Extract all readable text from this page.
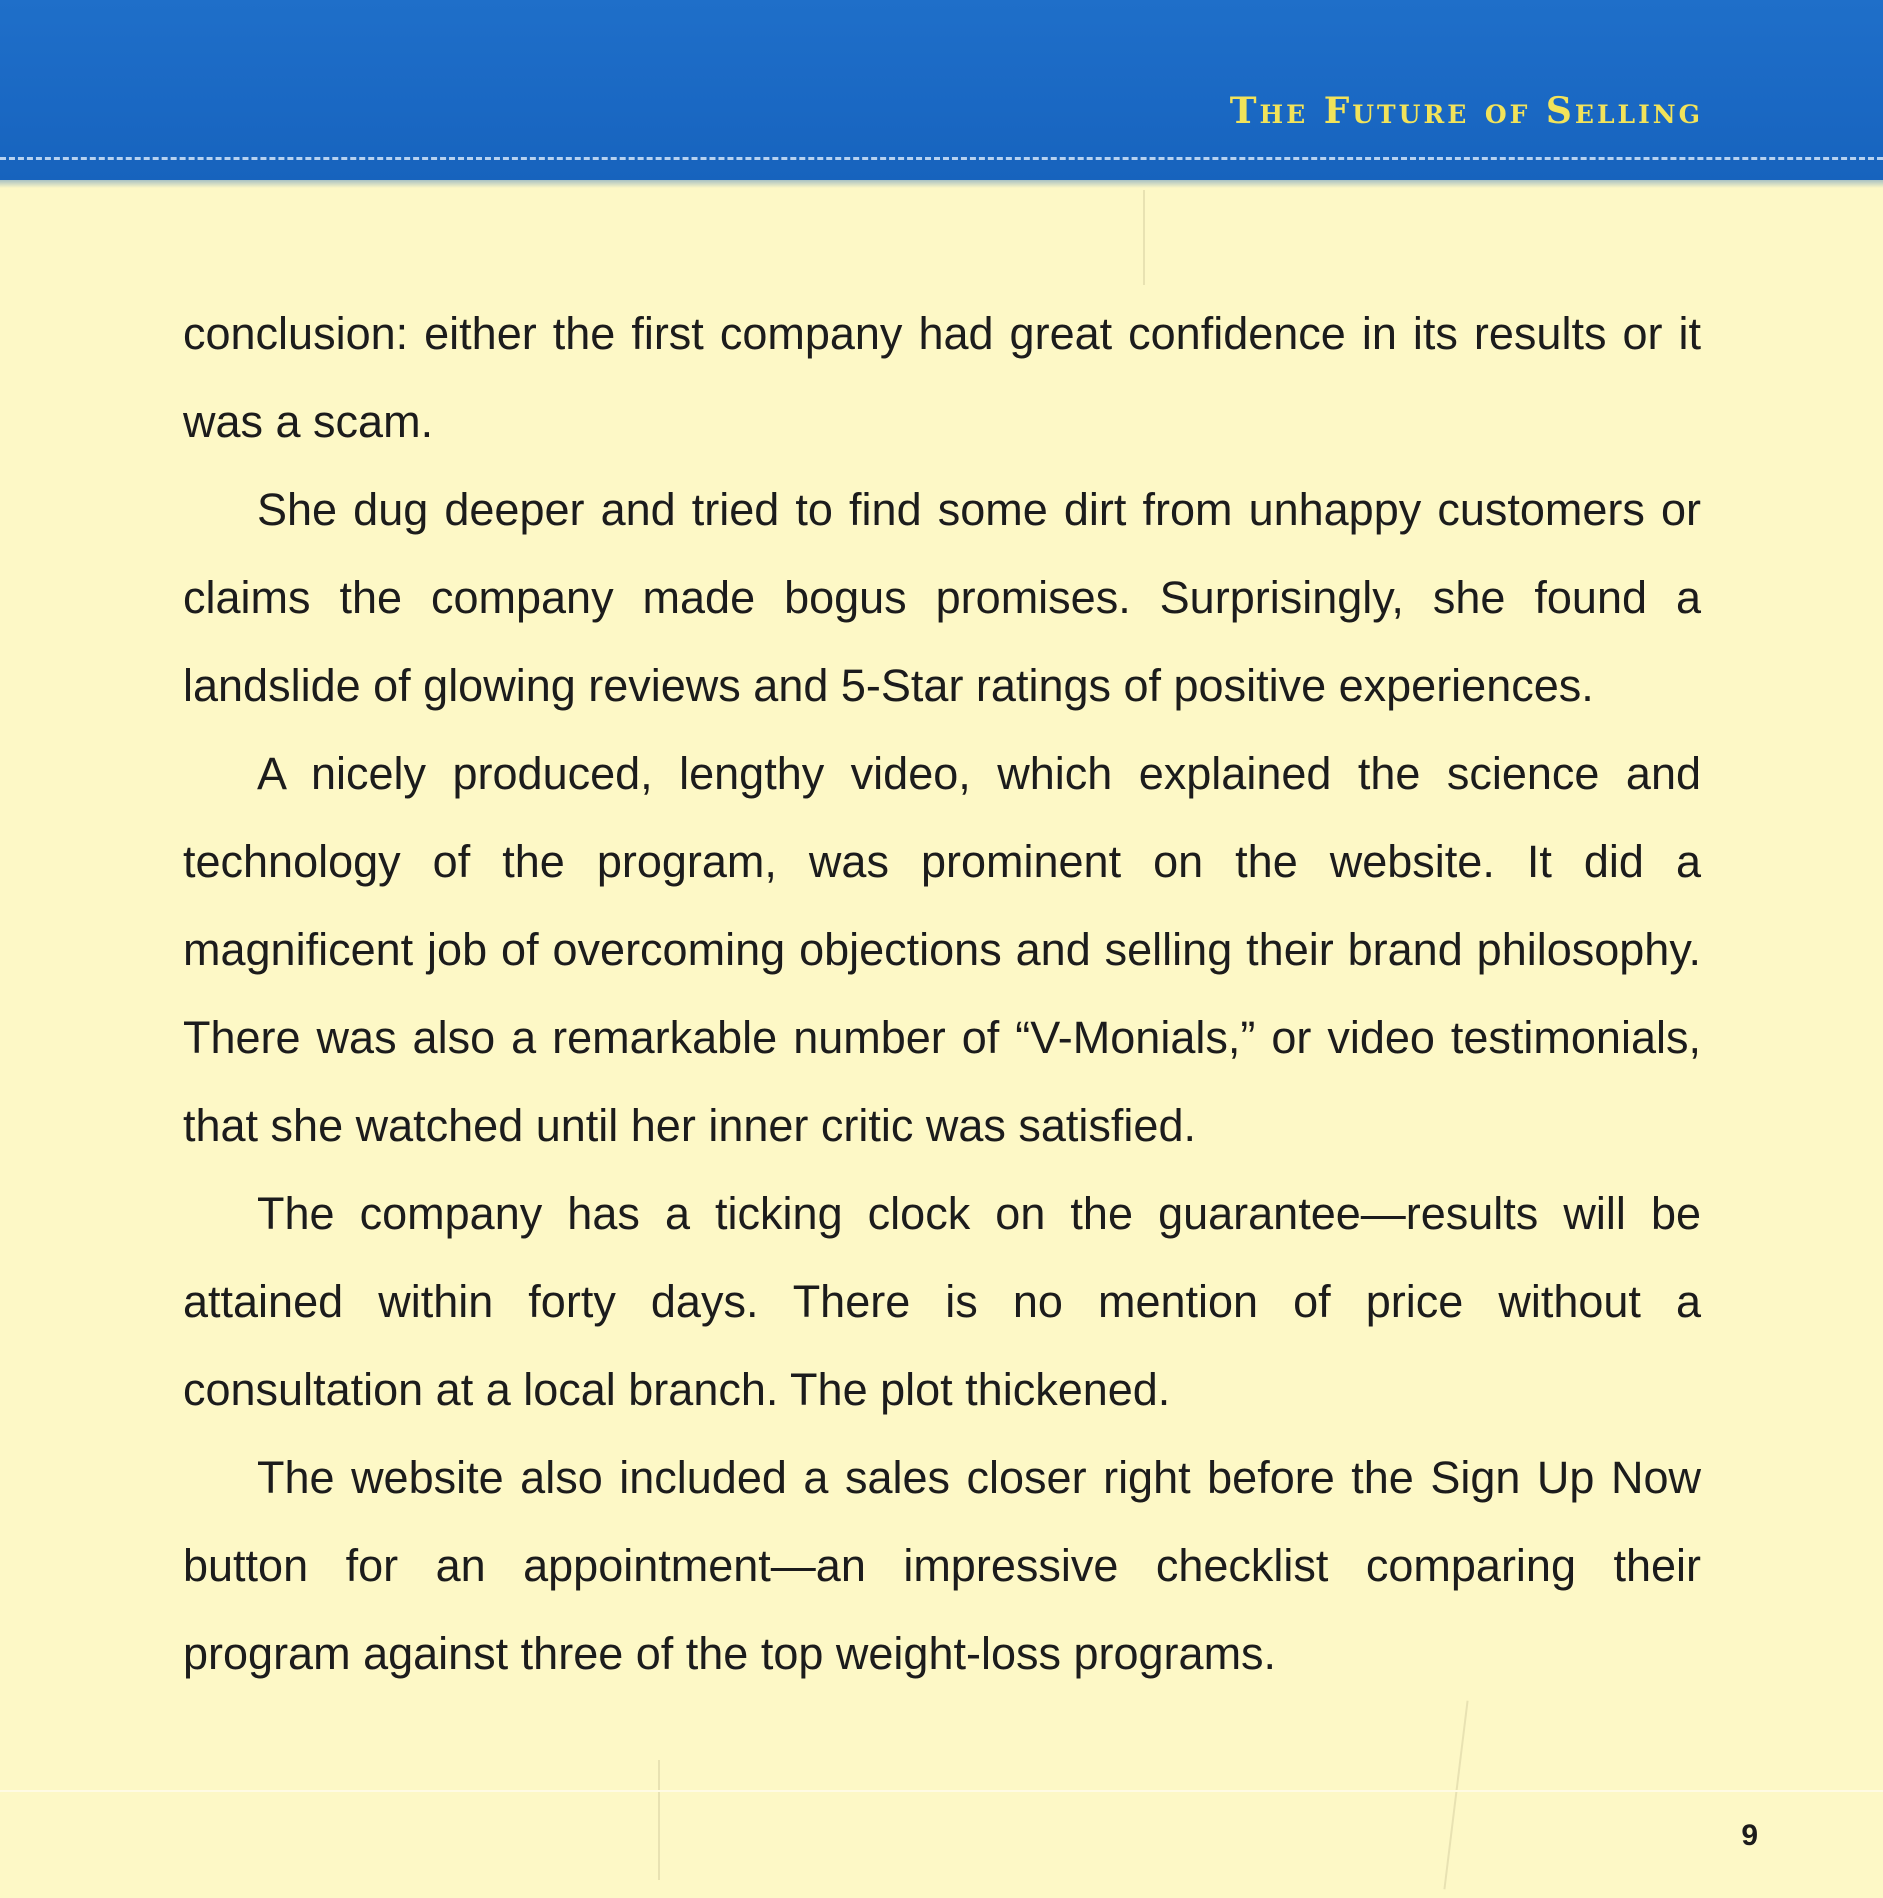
The Future of Selling

conclusion: either the first company had great confidence in its results or it was a scam.

She dug deeper and tried to find some dirt from unhappy customers or claims the company made bogus promises. Surprisingly, she found a landslide of glowing reviews and 5-Star ratings of positive experiences.

A nicely produced, lengthy video, which explained the science and technology of the program, was prominent on the website. It did a magnificent job of overcoming objections and selling their brand philosophy. There was also a remarkable number of “V-Monials,” or video testimonials, that she watched until her inner critic was satisfied.

The company has a ticking clock on the guarantee—results will be attained within forty days. There is no mention of price without a consultation at a local branch. The plot thickened.

The website also included a sales closer right before the Sign Up Now button for an appointment—an impressive checklist comparing their program against three of the top weight-loss programs.

9
